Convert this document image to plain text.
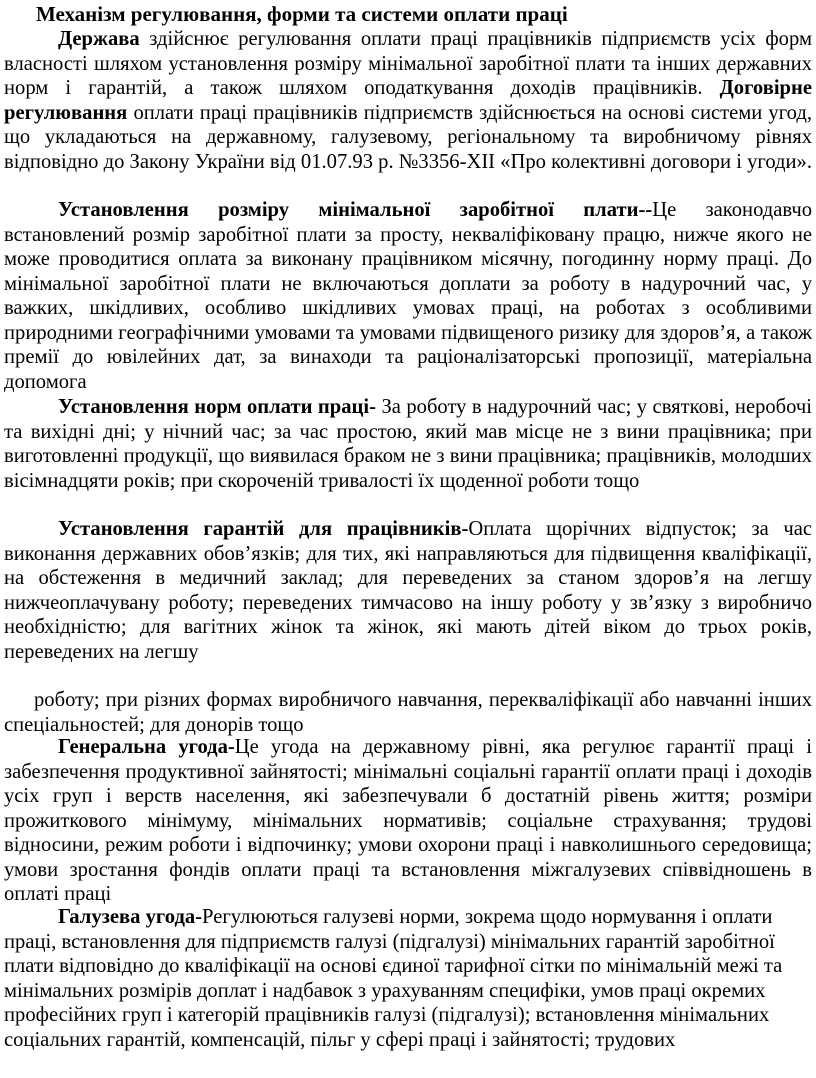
Механізм регулювання, форми та системи оплати праці

Держава здійснює регулювання оплати праці працівників підприємств усіх форм власності шляхом установлення розміру мінімальної заробітної плати та інших державних норм і гарантій, а також шляхом оподаткування доходів працівників. Договірне регулювання оплати праці працівників підприємств здійснюється на основі системи угод, що укладаються на державному, галузевому, регіональному та виробничому рівнях відповідно до Закону України від 01.07.93 р. №3356-ХІІ «Про колективні договори і угоди».

Установлення розміру мінімальної заробітної плати--Це законодавчо встановлений розмір заробітної плати за просту, некваліфіковану працю, нижче якого не може проводитися оплата за виконану працівником місячну, погодинну норму праці. До мінімальної заробітної плати не включаються доплати за роботу в надурочний час, у важких, шкідливих, особливо шкідливих умовах праці, на роботах з особливими природними географічними умовами та умовами підвищеного ризику для здоров’я, а також премії до ювілейних дат, за винаходи та раціоналізаторські пропозиції, матеріальна допомога

Установлення норм оплати праці- За роботу в надурочний час; у святкові, неробочі та вихідні дні; у нічний час; за час простою, який мав місце не з вини працівника; при виготовленні продукції, що виявилася браком не з вини працівника; працівників, молодших вісімнадцяти років; при скороченій тривалості їх щоденної роботи тощо

Установлення гарантій для працівників-Оплата щорічних відпусток; за час виконання державних обов’язків; для тих, які направляються для підвищення кваліфікації, на обстеження в медичний заклад; для переведених за станом здоров’я на легшу нижчеоплачувану роботу; переведених тимчасово на іншу роботу у зв’язку з виробничо необхідністю; для вагітних жінок та жінок, які мають дітей віком до трьох років, переведених на легшу

роботу; при різних формах виробничого навчання, перекваліфікації або навчанні інших спеціальностей; для донорів тощо

Генеральна угода-Це угода на державному рівні, яка регулює гарантії праці і забезпечення продуктивної зайнятості; мінімальні соціальні гарантії оплати праці і доходів усіх груп і верств населення, які забезпечували б достатній рівень життя; розміри прожиткового мінімуму, мінімальних нормативів; соціальне страхування; трудові відносини, режим роботи і відпочинку; умови охорони праці і навколишнього середовища; умови зростання фондів оплати праці та встановлення міжгалузевих співвідношень в оплаті праці

Галузева угода-Регулюються галузеві норми, зокрема щодо нормування і оплати праці, встановлення для підприємств галузі (підгалузі) мінімальних гарантій заробітної плати відповідно до кваліфікації на основі єдиної тарифної сітки по мінімальній межі та мінімальних розмірів доплат і надбавок з урахуванням специфіки, умов праці окремих професійних груп і категорій працівників галузі (підгалузі); встановлення мінімальних соціальних гарантій, компенсацій, пільг у сфері праці і зайнятості; трудових
